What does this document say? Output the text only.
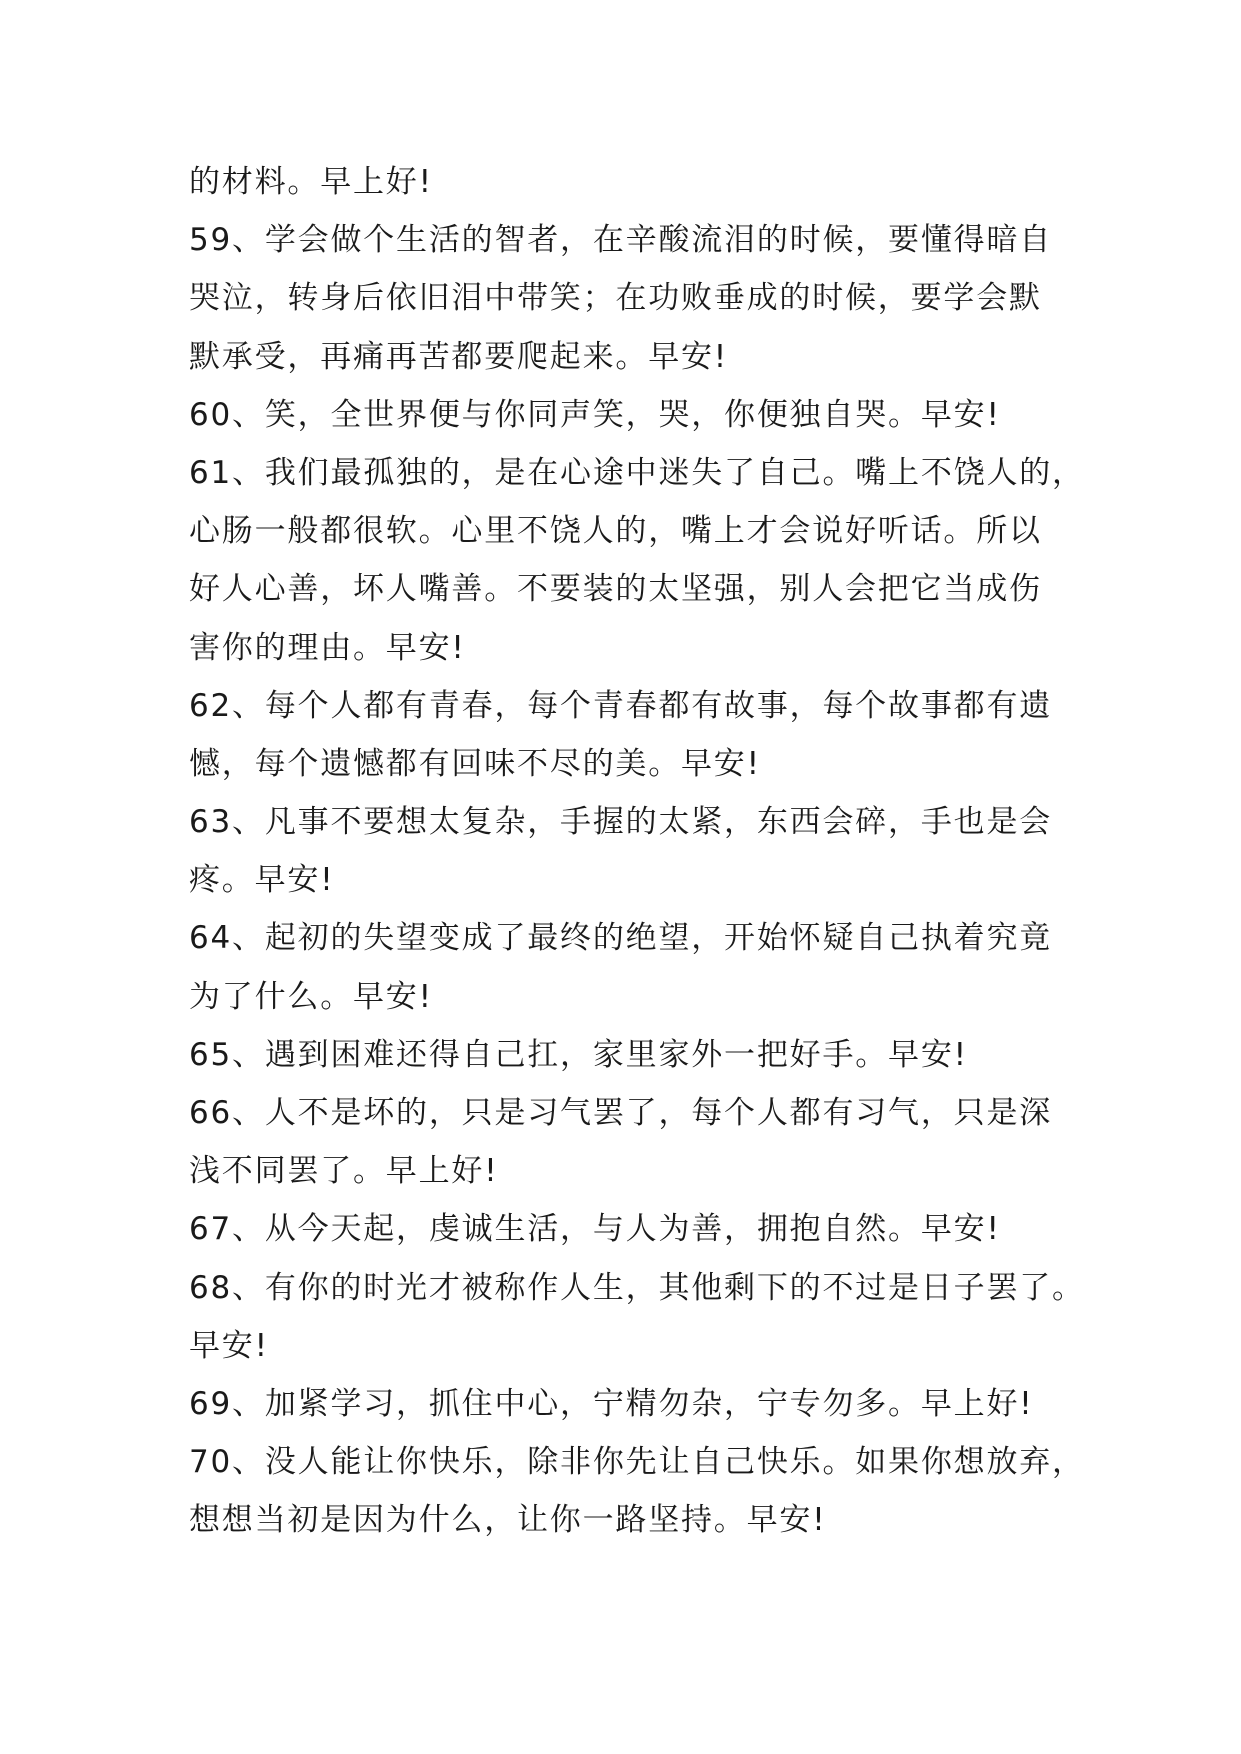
的材料。早上好!
59、学会做个生活的智者，在辛酸流泪的时候，要懂得暗自
哭泣，转身后依旧泪中带笑；在功败垂成的时候，要学会默
默承受，再痛再苦都要爬起来。早安!
60、笑，全世界便与你同声笑，哭，你便独自哭。早安!
61、我们最孤独的，是在心途中迷失了自己。嘴上不饶人的，
心肠一般都很软。心里不饶人的，嘴上才会说好听话。所以
好人心善，坏人嘴善。不要装的太坚强，别人会把它当成伤
害你的理由。早安!
62、每个人都有青春，每个青春都有故事，每个故事都有遗
憾，每个遗憾都有回味不尽的美。早安!
63、凡事不要想太复杂，手握的太紧，东西会碎，手也是会
疼。早安!
64、起初的失望变成了最终的绝望，开始怀疑自己执着究竟
为了什么。早安!
65、遇到困难还得自己扛，家里家外一把好手。早安!
66、人不是坏的，只是习气罢了，每个人都有习气，只是深
浅不同罢了。早上好!
67、从今天起，虔诚生活，与人为善，拥抱自然。早安!
68、有你的时光才被称作人生，其他剩下的不过是日子罢了。
早安!
69、加紧学习，抓住中心，宁精勿杂，宁专勿多。早上好!
70、没人能让你快乐，除非你先让自己快乐。如果你想放弃，
想想当初是因为什么，让你一路坚持。早安!
